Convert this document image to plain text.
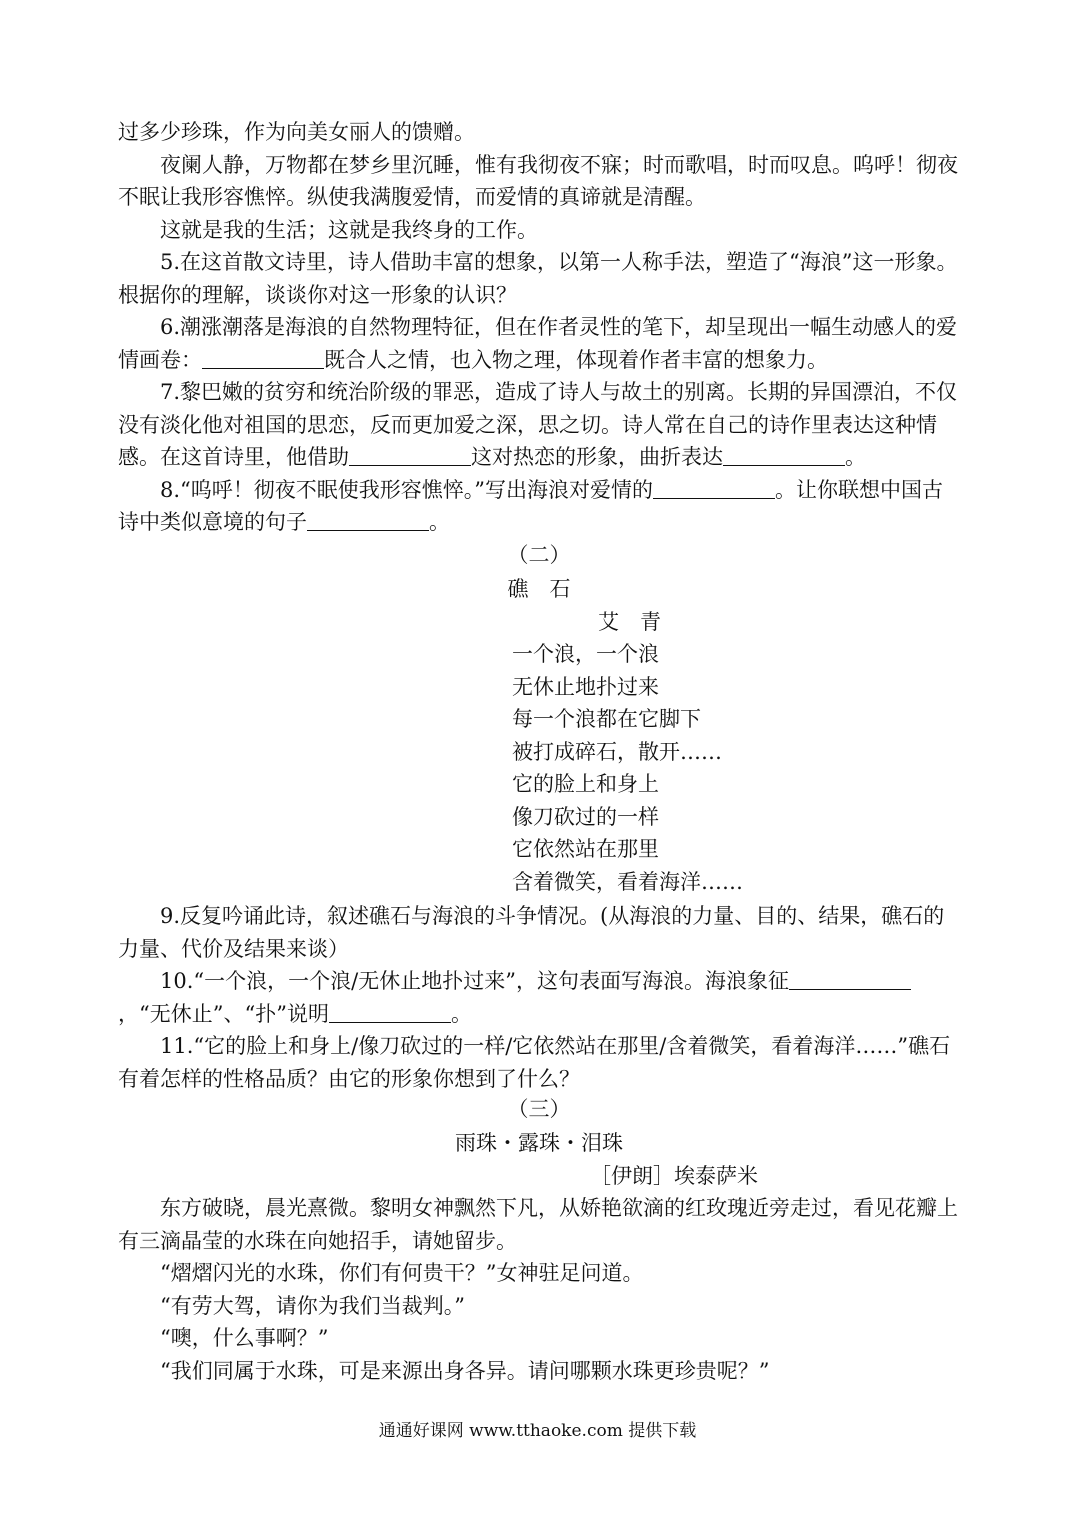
过多少珍珠，作为向美女丽人的馈赠。

夜阑人静，万物都在梦乡里沉睡，惟有我彻夜不寐；时而歌唱，时而叹息。呜呼！彻夜不眠让我形容憔悴。纵使我满腹爱情，而爱情的真谛就是清醒。

这就是我的生活；这就是我终身的工作。

5.在这首散文诗里，诗人借助丰富的想象，以第一人称手法，塑造了“海浪”这一形象。根据你的理解，谈谈你对这一形象的认识？

6.潮涨潮落是海浪的自然物理特征，但在作者灵性的笔下，却呈现出一幅生动感人的爱情画卷：	既合人之情，也入物之理，体现着作者丰富的想象力。

7.黎巴嫩的贫穷和统治阶级的罪恶，造成了诗人与故土的别离。长期的异国漂泊，不仅没有淡化他对祖国的思恋，反而更加爱之深，思之切。诗人常在自己的诗作里表达这种情感。在这首诗里，他借助	这对热恋的形象，曲折表达	。

8.“呜呼！彻夜不眠使我形容憔悴。”写出海浪对爱情的	。让你联想中国古诗中类似意境的句子	。

（二）
礁　石
艾　青
一个浪，一个浪
无休止地扑过来
每一个浪都在它脚下
被打成碎石，散开……
它的脸上和身上
像刀砍过的一样
它依然站在那里
含着微笑，看着海洋……

9.反复吟诵此诗，叙述礁石与海浪的斗争情况。(从海浪的力量、目的、结果，礁石的力量、代价及结果来谈）

10.“一个浪，一个浪/无休止地扑过来”，这句表面写海浪。海浪象征，“无休止”、“扑”说明	。

11.“它的脸上和身上/像刀砍过的一样/它依然站在那里/含着微笑，看着海洋……”礁石有着怎样的性格品质？由它的形象你想到了什么？

（三）
雨珠・露珠・泪珠
［伊朗］埃泰萨米

东方破晓，晨光熹微。黎明女神飘然下凡，从娇艳欲滴的红玫瑰近旁走过，看见花瓣上有三滴晶莹的水珠在向她招手，请她留步。

“熠熠闪光的水珠，你们有何贵干？”女神驻足问道。

“有劳大驾，请你为我们当裁判。”

“噢，什么事啊？”

“我们同属于水珠，可是来源出身各异。请问哪颗水珠更珍贵呢？”

通通好课网 www.tthaoke.com 提供下载
